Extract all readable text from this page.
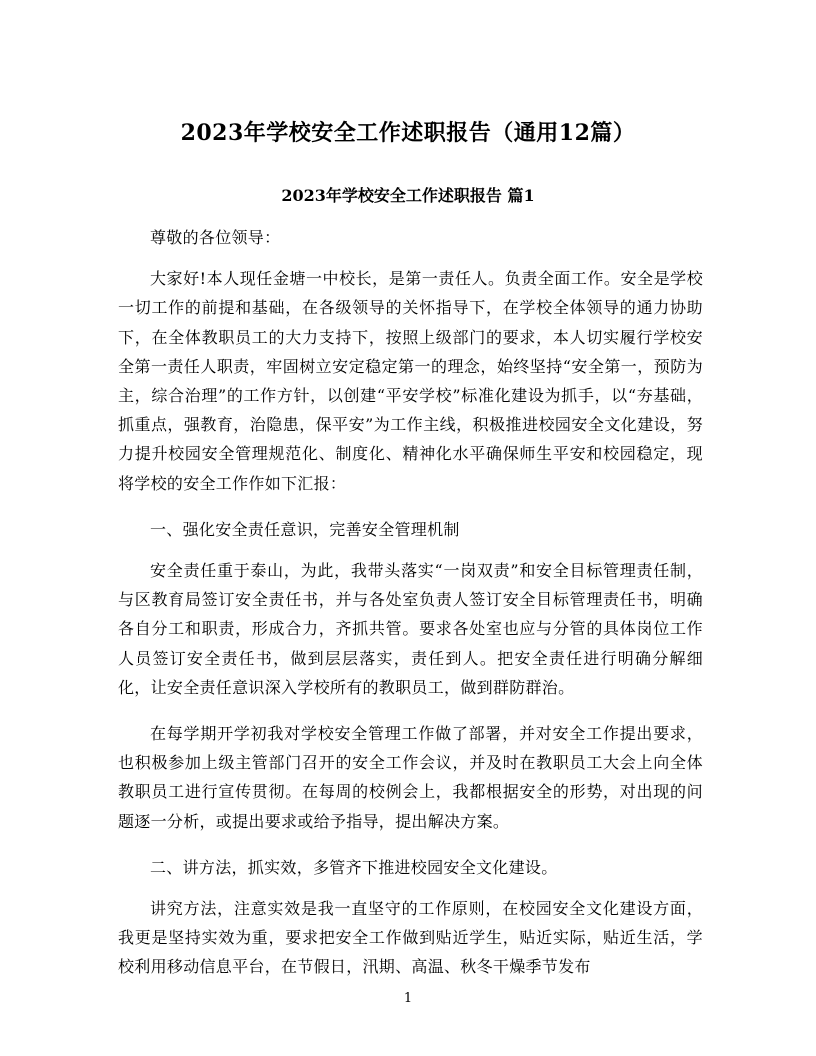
2023年学校安全工作述职报告（通用12篇）
2023年学校安全工作述职报告 篇1

尊敬的各位领导：

大家好!本人现任金塘一中校长，是第一责任人。负责全面工作。安全是学校一切工作的前提和基础，在各级领导的关怀指导下，在学校全体领导的通力协助下，在全体教职员工的大力支持下，按照上级部门的要求，本人切实履行学校安全第一责任人职责，牢固树立安定稳定第一的理念，始终坚持“安全第一，预防为主，综合治理”的工作方针，以创建“平安学校”标准化建设为抓手，以“夯基础，抓重点，强教育，治隐患，保平安”为工作主线，积极推进校园安全文化建设，努力提升校园安全管理规范化、制度化、精神化水平确保师生平安和校园稳定，现将学校的安全工作作如下汇报：

一、强化安全责任意识，完善安全管理机制

安全责任重于泰山，为此，我带头落实“一岗双责”和安全目标管理责任制，与区教育局签订安全责任书，并与各处室负责人签订安全目标管理责任书，明确各自分工和职责，形成合力，齐抓共管。要求各处室也应与分管的具体岗位工作人员签订安全责任书，做到层层落实，责任到人。把安全责任进行明确分解细化，让安全责任意识深入学校所有的教职员工，做到群防群治。

在每学期开学初我对学校安全管理工作做了部署，并对安全工作提出要求，也积极参加上级主管部门召开的安全工作会议，并及时在教职员工大会上向全体教职员工进行宣传贯彻。在每周的校例会上，我都根据安全的形势，对出现的问题逐一分析，或提出要求或给予指导，提出解决方案。

二、讲方法，抓实效，多管齐下推进校园安全文化建设。

讲究方法，注意实效是我一直坚守的工作原则，在校园安全文化建设方面，我更是坚持实效为重，要求把安全工作做到贴近学生，贴近实际，贴近生活，学校利用移动信息平台，在节假日，汛期、高温、秋冬干燥季节发布

1
